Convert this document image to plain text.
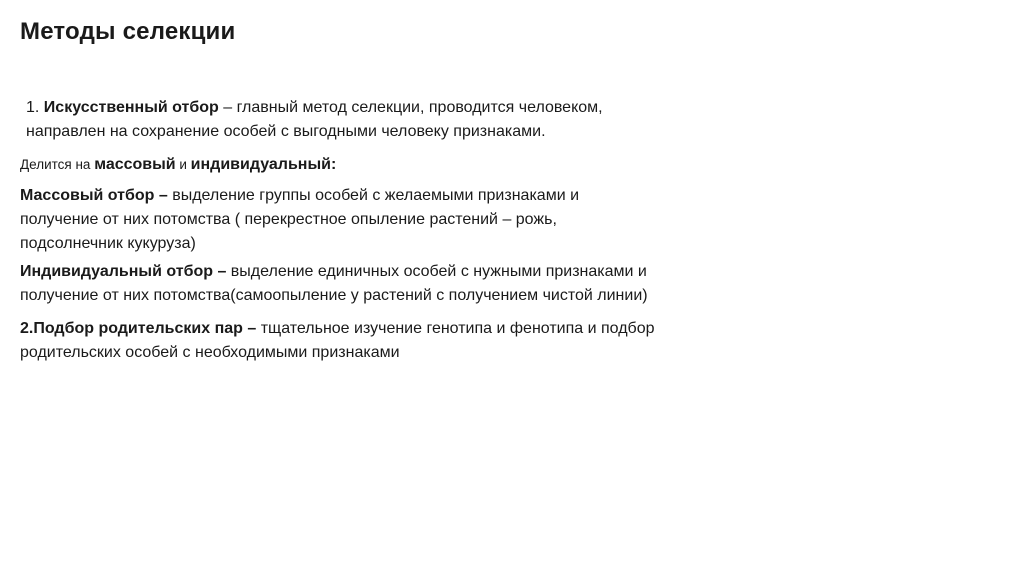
Методы селекции

1. Искусственный отбор – главный метод селекции, проводится человеком,
направлен на сохранение особей с выгодными человеку признаками.

Делится на массовый и индивидуальный:

Массовый отбор – выделение группы особей с желаемыми признаками и
получение от них потомства ( перекрестное опыление растений – рожь,
подсолнечник кукуруза)

Индивидуальный отбор – выделение единичных особей с нужными признаками и
получение от них потомства(самоопыление у растений с получением чистой линии)

2.Подбор родительских пар – тщательное изучение генотипа и фенотипа и подбор
родительских особей с необходимыми признаками
